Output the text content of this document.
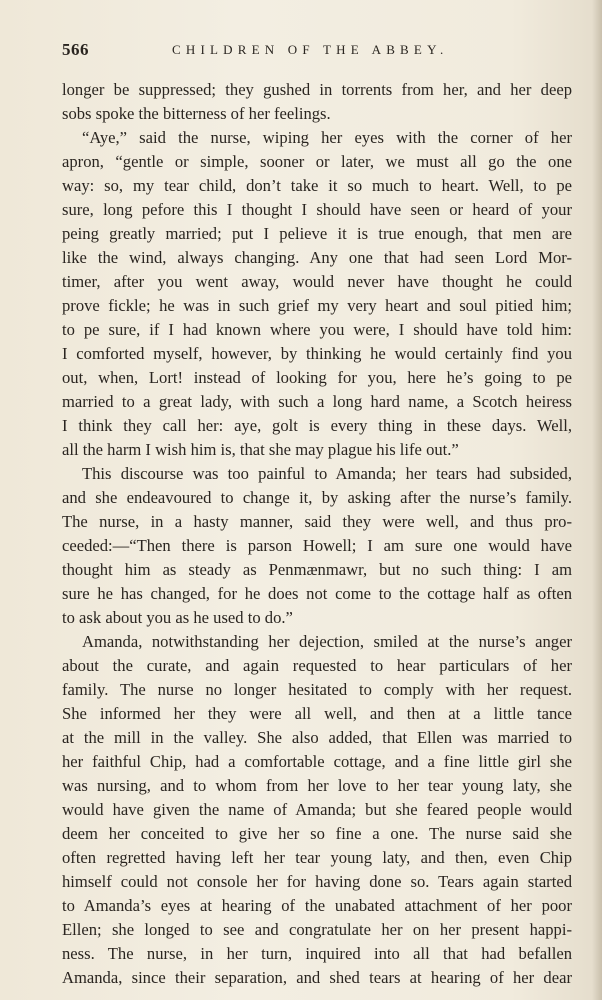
566	CHILDREN OF THE ABBEY.
longer be suppressed; they gushed in torrents from her, and her deep
sobs spoke the bitterness of her feelings.
“Aye,” said the nurse, wiping her eyes with the corner of her
apron, “gentle or simple, sooner or later, we must all go the one
way: so, my tear child, don’t take it so much to heart. Well, to pe
sure, long pefore this I thought I should have seen or heard of your
peing greatly married; put I pelieve it is true enough, that men are
like the wind, always changing. Any one that had seen Lord Mor-
timer, after you went away, would never have thought he could
prove fickle; he was in such grief my very heart and soul pitied him;
to pe sure, if I had known where you were, I should have told him:
I comforted myself, however, by thinking he would certainly find you
out, when, Lort! instead of looking for you, here he’s going to pe
married to a great lady, with such a long hard name, a Scotch heiress
I think they call her: aye, golt is every thing in these days. Well,
all the harm I wish him is, that she may plague his life out.”
This discourse was too painful to Amanda; her tears had subsided,
and she endeavoured to change it, by asking after the nurse’s family.
The nurse, in a hasty manner, said they were well, and thus pro-
ceeded:—“Then there is parson Howell; I am sure one would have
thought him as steady as Penmænmawr, but no such thing: I am
sure he has changed, for he does not come to the cottage half as often
to ask about you as he used to do.”
Amanda, notwithstanding her dejection, smiled at the nurse’s anger
about the curate, and again requested to hear particulars of her
family. The nurse no longer hesitated to comply with her request.
She informed her they were all well, and then at a little tance
at the mill in the valley. She also added, that Ellen was married to
her faithful Chip, had a comfortable cottage, and a fine little girl she
was nursing, and to whom from her love to her tear young laty, she
would have given the name of Amanda; but she feared people would
deem her conceited to give her so fine a one. The nurse said she
often regretted having left her tear young laty, and then, even Chip
himself could not console her for having done so. Tears again started
to Amanda’s eyes at hearing of the unabated attachment of her poor
Ellen; she longed to see and congratulate her on her present happi-
ness. The nurse, in her turn, inquired into all that had befallen
Amanda, since their separation, and shed tears at hearing of her dear
